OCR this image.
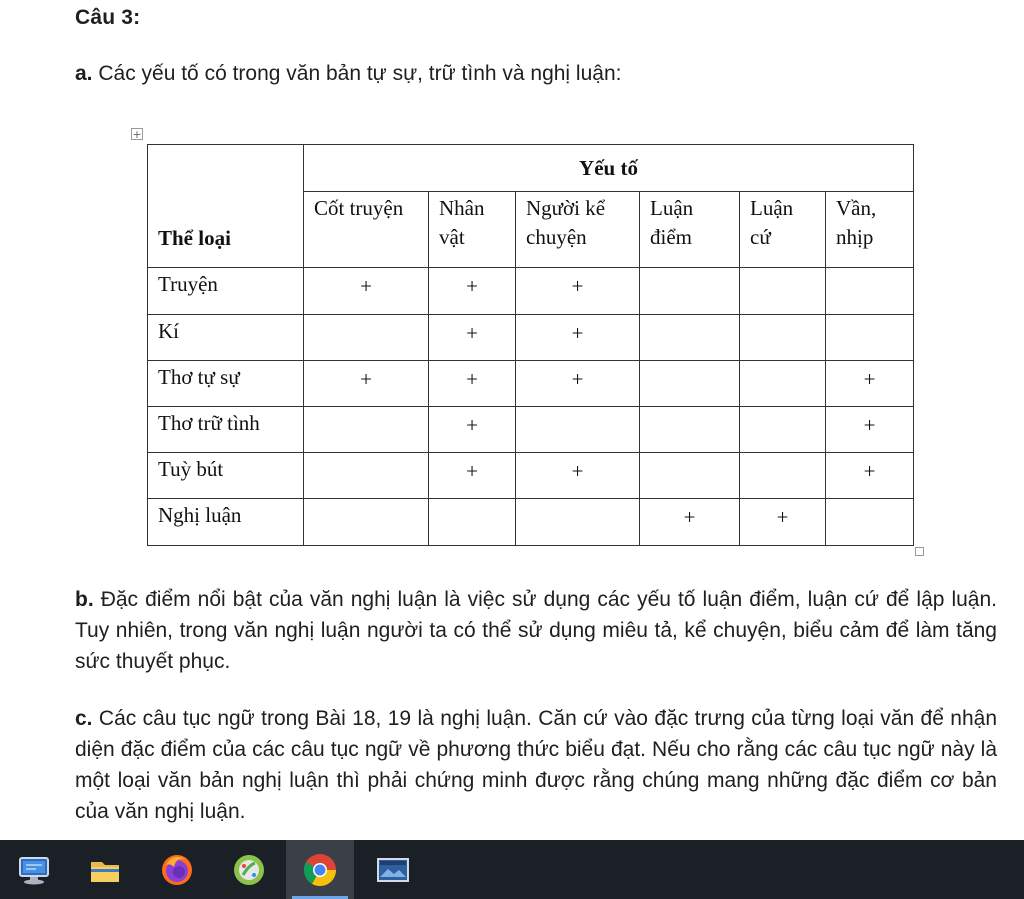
Câu 3:
a. Các yếu tố có trong văn bản tự sự, trữ tình và nghị luận:
+
Thể loại	Yếu tố					
	Cốt truyện	Nhân vật	Người kể chuyện	Luận điểm	Luận cứ	Vần, nhịp
Truyện	+	+	+			
Kí		+	+			
Thơ tự sự	+	+	+			+
Thơ trữ tình		+				+
Tuỳ bút		+	+			+
Nghị luận				+	+	
b. Đặc điểm nổi bật của văn nghị luận là việc sử dụng các yếu tố luận điểm, luận cứ để lập luận. Tuy nhiên, trong văn nghị luận người ta có thể sử dụng miêu tả, kể chuyện, biểu cảm để làm tăng sức thuyết phục.
c. Các câu tục ngữ trong Bài 18, 19 là nghị luận. Căn cứ vào đặc trưng của từng loại văn để nhận diện đặc điểm của các câu tục ngữ về phương thức biểu đạt. Nếu cho rằng các câu tục ngữ này là một loại văn bản nghị luận thì phải chứng minh được rằng chúng mang những đặc điểm cơ bản của văn nghị luận.
